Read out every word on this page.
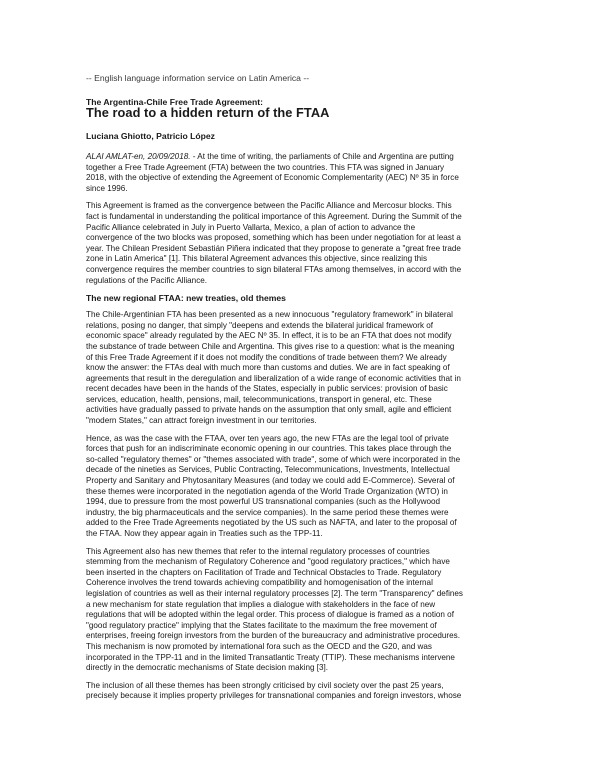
-- English language information service on Latin America --
The Argentina-Chile Free Trade Agreement:
The road to a hidden return of the FTAA
Luciana Ghiotto, Patricio López

ALAI AMLAT-en, 20/09/2018. - At the time of writing, the parliaments of Chile and Argentina are putting
together a Free Trade Agreement (FTA) between the two countries. This FTA was signed in January
2018, with the objective of extending the Agreement of Economic Complementarity (AEC) Nº 35 in force
since 1996.

This Agreement is framed as the convergence between the Pacific Alliance and Mercosur blocks. This
fact is fundamental in understanding the political importance of this Agreement. During the Summit of the
Pacific Alliance celebrated in July in Puerto Vallarta, Mexico, a plan of action to advance the
convergence of the two blocks was proposed, something which has been under negotiation for at least a
year. The Chilean President Sebastián Piñera indicated that they propose to generate a "great free trade
zone in Latin America" [1]. This bilateral Agreement advances this objective, since realizing this
convergence requires the member countries to sign bilateral FTAs among themselves, in accord with the
regulations of the Pacific Alliance.

The new regional FTAA: new treaties, old themes

The Chile-Argentinian FTA has been presented as a new innocuous "regulatory framework" in bilateral
relations, posing no danger, that simply "deepens and extends the bilateral juridical framework of
economic space" already regulated by the AEC Nº 35. In effect, it is to be an FTA that does not modify
the substance of trade between Chile and Argentina. This gives rise to a question: what is the meaning
of this Free Trade Agreement if it does not modify the conditions of trade between them? We already
know the answer: the FTAs deal with much more than customs and duties. We are in fact speaking of
agreements that result in the deregulation and liberalization of a wide range of economic activities that in
recent decades have been in the hands of the States, especially in public services: provision of basic
services, education, health, pensions, mail, telecommunications, transport in general, etc. These
activities have gradually passed to private hands on the assumption that only small, agile and efficient
"modern States," can attract foreign investment in our territories.

Hence, as was the case with the FTAA, over ten years ago, the new FTAs are the legal tool of private
forces that push for an indiscriminate economic opening in our countries. This takes place through the
so-called "regulatory themes" or "themes associated with trade", some of which were incorporated in the
decade of the nineties as Services, Public Contracting, Telecommunications, Investments, Intellectual
Property and Sanitary and Phytosanitary Measures (and today we could add E-Commerce). Several of
these themes were incorporated in the negotiation agenda of the World Trade Organization (WTO) in
1994, due to pressure from the most powerful US transnational companies (such as the Hollywood
industry, the big pharmaceuticals and the service companies). In the same period these themes were
added to the Free Trade Agreements negotiated by the US such as NAFTA, and later to the proposal of
the FTAA. Now they appear again in Treaties such as the TPP-11.

This Agreement also has new themes that refer to the internal regulatory processes of countries
stemming from the mechanism of Regulatory Coherence and "good regulatory practices," which have
been inserted in the chapters on Facilitation of Trade and Technical Obstacles to Trade. Regulatory
Coherence involves the trend towards achieving compatibility and homogenisation of the internal
legislation of countries as well as their internal regulatory processes [2]. The term "Transparency" defines
a new mechanism for state regulation that implies a dialogue with stakeholders in the face of new
regulations that will be adopted within the legal order. This process of dialogue is framed as a notion of
"good regulatory practice" implying that the States facilitate to the maximum the free movement of
enterprises, freeing foreign investors from the burden of the bureaucracy and administrative procedures.
This mechanism is now promoted by international fora such as the OECD and the G20, and was
incorporated in the TPP-11 and in the limited Transatlantic Treaty (TTIP). These mechanisms intervene
directly in the democratic mechanisms of State decision making [3].

The inclusion of all these themes has been strongly criticised by civil society over the past 25 years,
precisely because it implies property privileges for transnational companies and foreign investors, whose
